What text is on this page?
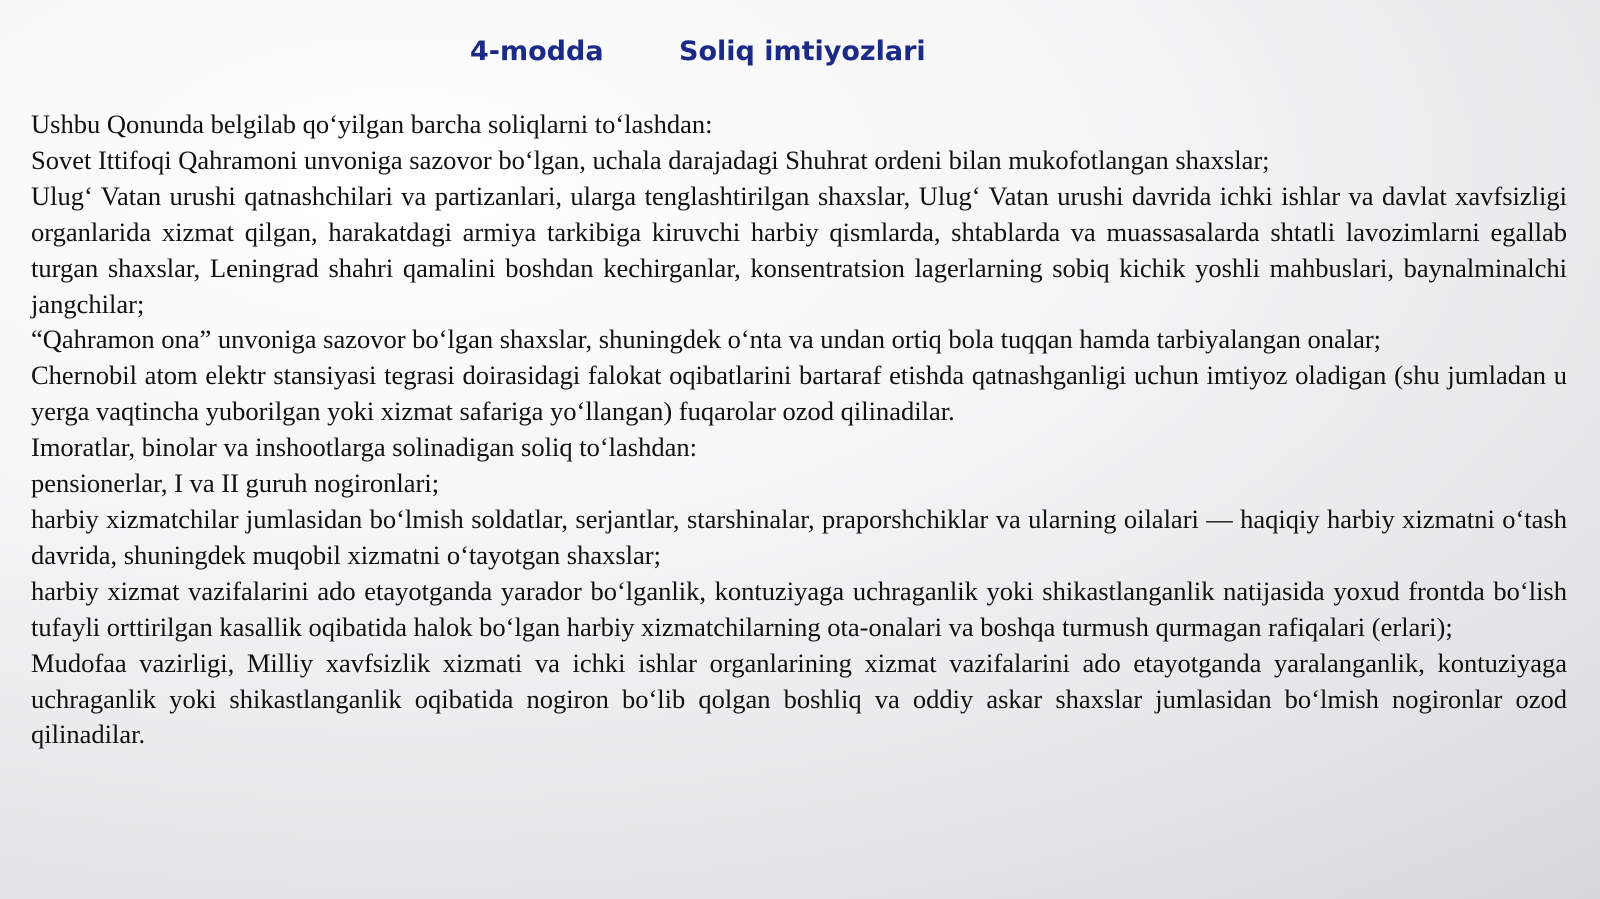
4-modda	Soliq imtiyozlari

Ushbu Qonunda belgilab qo‘yilgan barcha soliqlarni to‘lashdan:

Sovet Ittifoqi Qahramoni unvoniga sazovor bo‘lgan, uchala darajadagi Shuhrat ordeni bilan mukofotlangan shaxslar;

Ulug‘ Vatan urushi qatnashchilari va partizanlari, ularga tenglashtirilgan shaxslar, Ulug‘ Vatan urushi davrida ichki ishlar va davlat xavfsizligi organlarida xizmat qilgan, harakatdagi armiya tarkibiga kiruvchi harbiy qismlarda, shtablarda va muassasalarda shtatli lavozimlarni egallab turgan shaxslar, Leningrad shahri qamalini boshdan kechirganlar, konsentratsion lagerlarning sobiq kichik yoshli mahbuslari, baynalminalchi jangchilar;

“Qahramon ona” unvoniga sazovor bo‘lgan shaxslar, shuningdek o‘nta va undan ortiq bola tuqqan hamda tarbiyalangan onalar;

Chernobil atom elektr stansiyasi tegrasi doirasidagi falokat oqibatlarini bartaraf etishda qatnashganligi uchun imtiyoz oladigan (shu jumladan u yerga vaqtincha yuborilgan yoki xizmat safariga yo‘llangan) fuqarolar ozod qilinadilar.

Imoratlar, binolar va inshootlarga solinadigan soliq to‘lashdan:

pensionerlar, I va II guruh nogironlari;

harbiy xizmatchilar jumlasidan bo‘lmish soldatlar, serjantlar, starshinalar, praporshchiklar va ularning oilalari — haqiqiy harbiy xizmatni o‘tash davrida, shuningdek muqobil xizmatni o‘tayotgan shaxslar;

harbiy xizmat vazifalarini ado etayotganda yarador bo‘lganlik, kontuziyaga uchraganlik yoki shikastlanganlik natijasida yoxud frontda bo‘lish tufayli orttirilgan kasallik oqibatida halok bo‘lgan harbiy xizmatchilarning ota-onalari va boshqa turmush qurmagan rafiqalari (erlari);

Mudofaa vazirligi, Milliy xavfsizlik xizmati va ichki ishlar organlarining xizmat vazifalarini ado etayotganda yaralanganlik, kontuziyaga uchraganlik yoki shikastlanganlik oqibatida nogiron bo‘lib qolgan boshliq va oddiy askar shaxslar jumlasidan bo‘lmish nogironlar ozod qilinadilar.
